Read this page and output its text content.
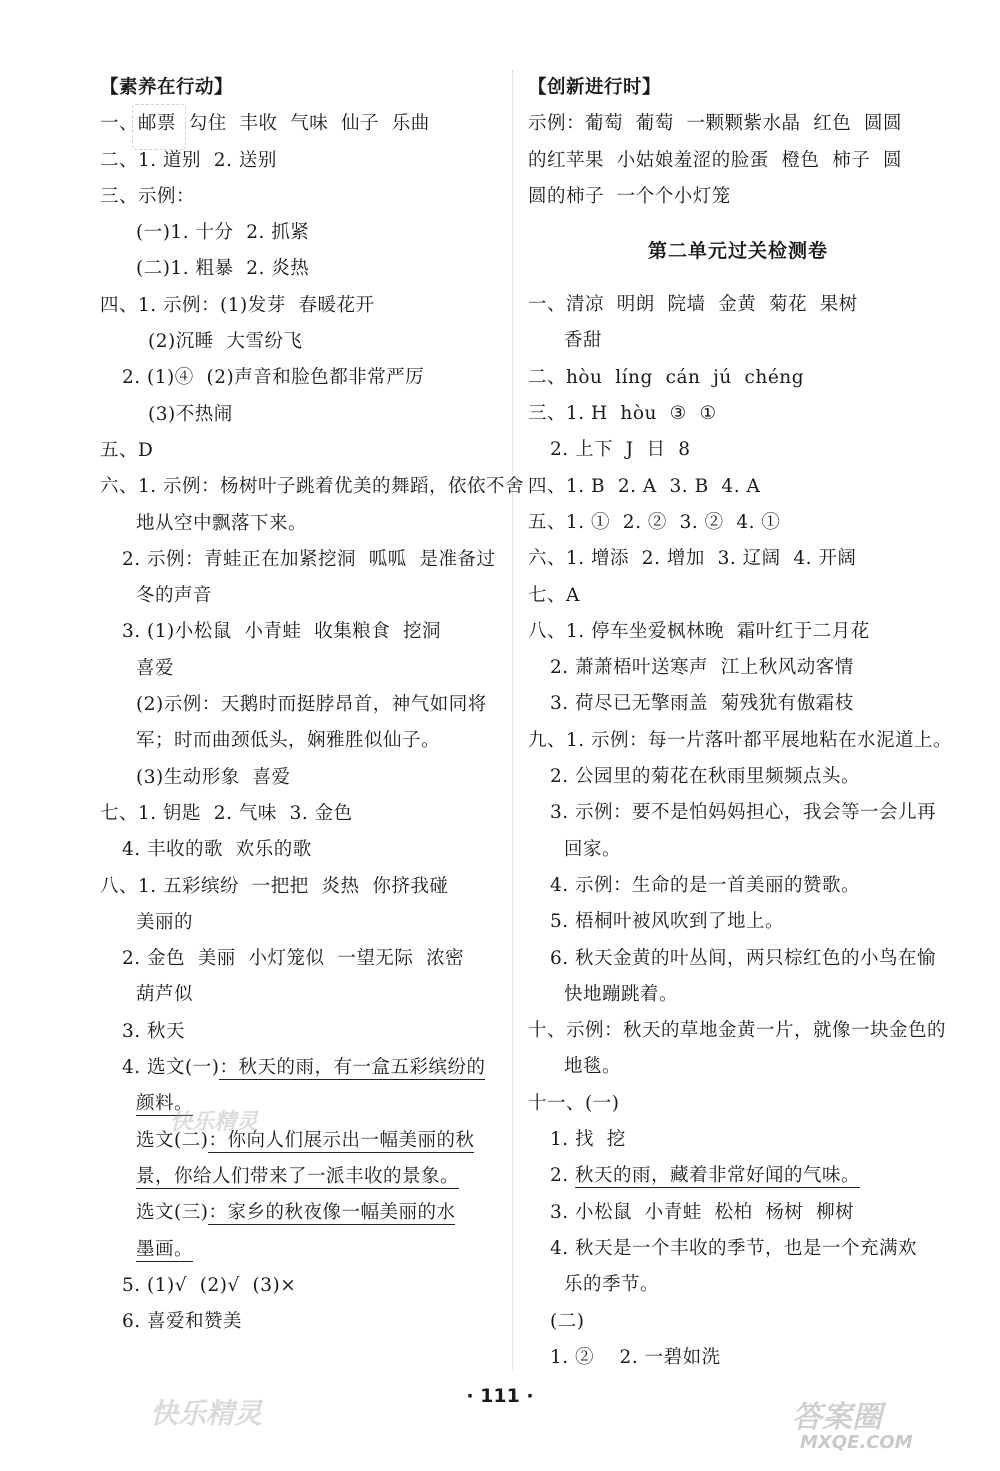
【素养在行动】
一、邮票  勾住  丰收  气味  仙子  乐曲
二、1. 道别  2. 送别
三、示例：
(一)1. 十分  2. 抓紧
(二)1. 粗暴  2. 炎热
四、1. 示例：(1)发芽  春暖花开
(2)沉睡  大雪纷飞
2. (1)④  (2)声音和脸色都非常严厉
(3)不热闹
五、D
六、1. 示例：杨树叶子跳着优美的舞蹈，依依不舍
地从空中飘落下来。
2. 示例：青蛙正在加紧挖洞  呱呱  是准备过
冬的声音
3. (1)小松鼠  小青蛙  收集粮食  挖洞
喜爱
(2)示例：天鹅时而挺脖昂首，神气如同将
军；时而曲颈低头，娴雅胜似仙子。
(3)生动形象  喜爱
七、1. 钥匙  2. 气味  3. 金色
4. 丰收的歌  欢乐的歌
八、1. 五彩缤纷  一把把  炎热  你挤我碰
美丽的
2. 金色  美丽  小灯笼似  一望无际  浓密
葫芦似
3. 秋天
4. 选文(一)：秋天的雨，有一盒五彩缤纷的
颜料。
选文(二)：你向人们展示出一幅美丽的秋
景，你给人们带来了一派丰收的景象。
选文(三)：家乡的秋夜像一幅美丽的水
墨画。
5. (1)√  (2)√  (3)×
6. 喜爱和赞美
【创新进行时】
示例：葡萄  葡萄  一颗颗紫水晶  红色  圆圆
的红苹果  小姑娘羞涩的脸蛋  橙色  柿子  圆
圆的柿子  一个个小灯笼
第二单元过关检测卷
一、清凉  明朗  院墙  金黄  菊花  果树
香甜
二、hòu  líng  cán  jú  chéng
三、1. H  hòu  ③  ①
2. 上下  J  日  8
四、1. B  2. A  3. B  4. A
五、1. ①  2. ②  3. ②  4. ①
六、1. 增添  2. 增加  3. 辽阔  4. 开阔
七、A
八、1. 停车坐爱枫林晚  霜叶红于二月花
2. 萧萧梧叶送寒声  江上秋风动客情
3. 荷尽已无擎雨盖  菊残犹有傲霜枝
九、1. 示例：每一片落叶都平展地粘在水泥道上。
2. 公园里的菊花在秋雨里频频点头。
3. 示例：要不是怕妈妈担心，我会等一会儿再
回家。
4. 示例：生命的是一首美丽的赞歌。
5. 梧桐叶被风吹到了地上。
6. 秋天金黄的叶丛间，两只棕红色的小鸟在愉
快地蹦跳着。
十、示例：秋天的草地金黄一片，就像一块金色的
地毯。
十一、(一)
1. 找  挖
2. 秋天的雨，藏着非常好闻的气味。
3. 小松鼠  小青蛙  松柏  杨树  柳树
4. 秋天是一个丰收的季节，也是一个充满欢
乐的季节。
(二)
1. ②    2. 一碧如洗
· 111 ·
快乐精灵
快乐精灵	答案圈
MXQE.COM
